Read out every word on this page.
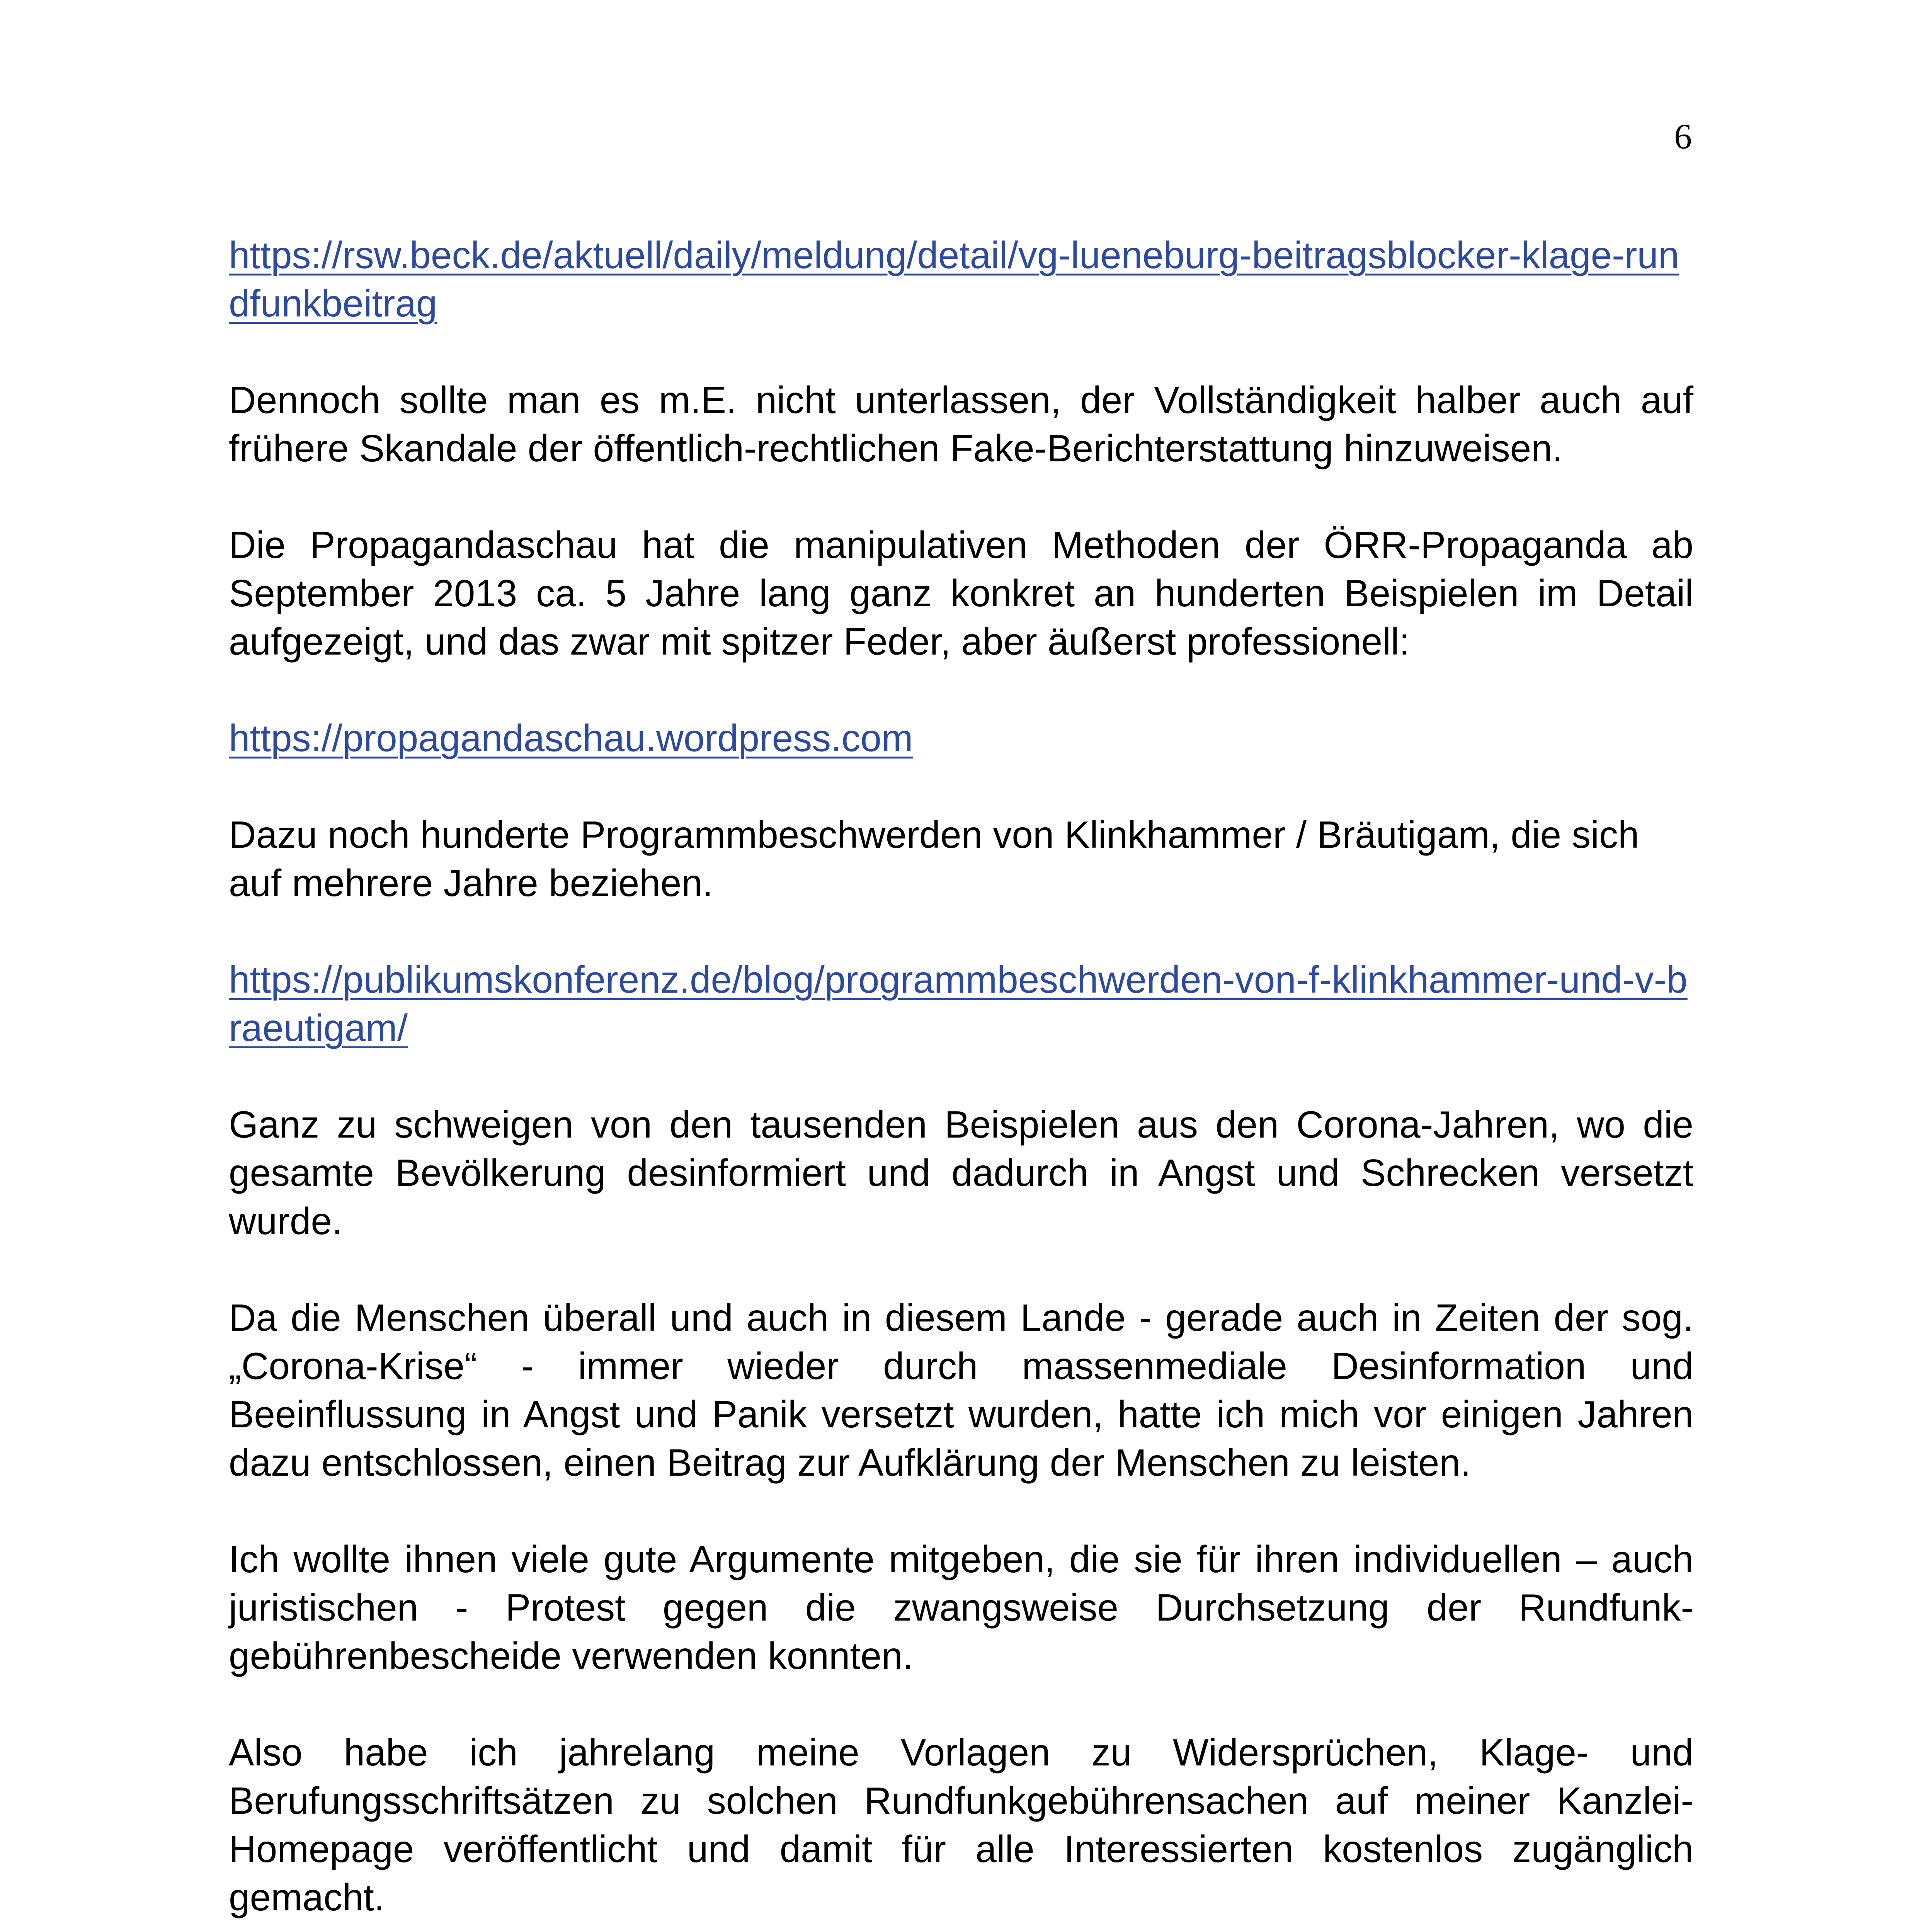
6
https://rsw.beck.de/aktuell/daily/meldung/detail/vg-lueneburg-beitragsblocker-klage-rundfunkbeitrag

Dennoch sollte man es m.E. nicht unterlassen, der Vollständigkeit halber auch auf frühere Skandale der öffentlich-rechtlichen Fake-Berichterstattung hinzuweisen.

Die Propagandaschau hat die manipulativen Methoden der ÖRR-Propaganda ab September 2013 ca. 5 Jahre lang ganz konkret an hunderten Beispielen im Detail aufgezeigt, und das zwar mit spitzer Feder, aber äußerst professionell:

https://propagandaschau.wordpress.com

Dazu noch hunderte Programmbeschwerden von Klinkhammer / Bräutigam, die sich auf mehrere Jahre beziehen.

https://publikumskonferenz.de/blog/programmbeschwerden-von-f-klinkhammer-und-v-braeutigam/

Ganz zu schweigen von den tausenden Beispielen aus den Corona-Jahren, wo die gesamte Bevölkerung desinformiert und dadurch in Angst und Schrecken versetzt wurde.

Da die Menschen überall und auch in diesem Lande - gerade auch in Zeiten der sog. „Corona-Krise“ - immer wieder durch massenmediale Desinformation und Beeinflussung in Angst und Panik versetzt wurden, hatte ich mich vor einigen Jahren dazu entschlossen, einen Beitrag zur Aufklärung der Menschen zu leisten.

Ich wollte ihnen viele gute Argumente mitgeben, die sie für ihren individuellen – auch juristischen - Protest gegen die zwangsweise Durchsetzung der Rundfunk-gebührenbescheide verwenden konnten.

Also habe ich jahrelang meine Vorlagen zu Widersprüchen, Klage- und Berufungsschriftsätzen zu solchen Rundfunkgebührensachen auf meiner Kanzlei-Homepage veröffentlicht und damit für alle Interessierten kostenlos zugänglich gemacht.
